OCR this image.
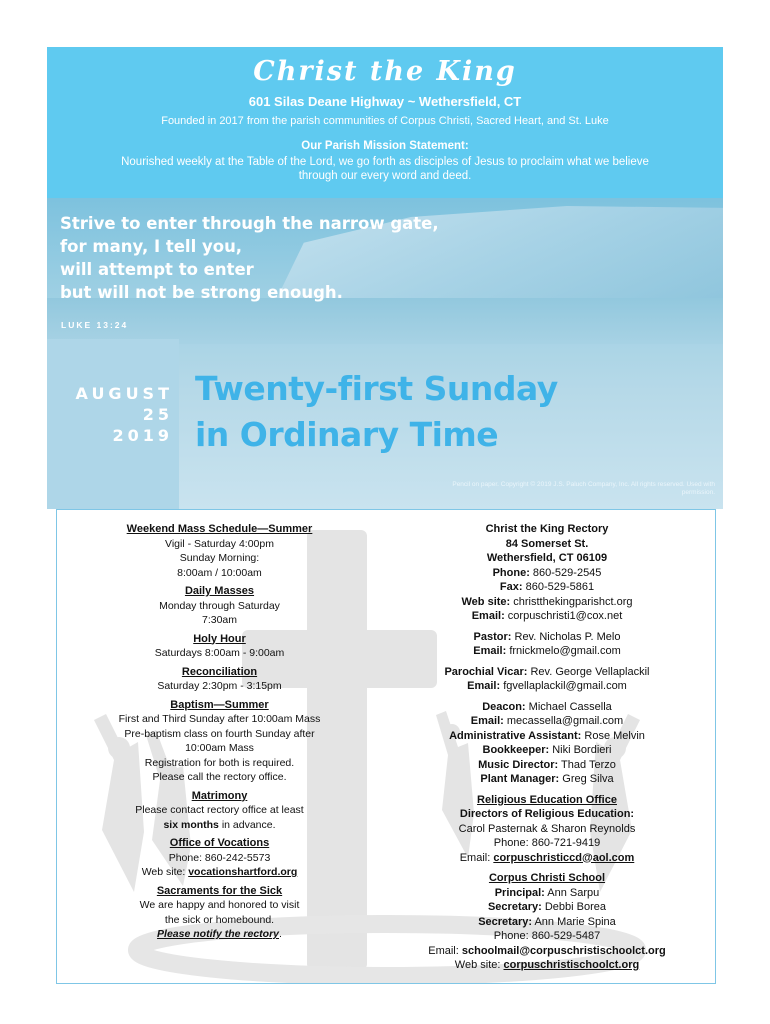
Christ the King
601 Silas Deane Highway ~ Wethersfield, CT
Founded in 2017 from the parish communities of Corpus Christi, Sacred Heart, and St. Luke
Our Parish Mission Statement:
Nourished weekly at the Table of the Lord, we go forth as disciples of Jesus to proclaim what we believe through our every word and deed.
Strive to enter through the narrow gate,
for many, I tell you,
will attempt to enter
but will not be strong enough.
LUKE 13:24
AUGUST
25
2019
Twenty-first Sunday
in Ordinary Time
Pencil on paper. Copyright © 2019 J.S. Paluch Company, Inc. All rights reserved. Used with permission.
Weekend Mass Schedule—Summer
Vigil - Saturday 4:00pm
Sunday Morning:
8:00am / 10:00am
Daily Masses
Monday through Saturday
7:30am
Holy Hour
Saturdays 8:00am - 9:00am
Reconciliation
Saturday 2:30pm - 3:15pm
Baptism—Summer
First and Third Sunday after 10:00am Mass
Pre-baptism class on fourth Sunday after
10:00am Mass
Registration for both is required.
Please call the rectory office.
Matrimony
Please contact rectory office at least
six months in advance.
Office of Vocations
Phone: 860-242-5573
Web site: vocationshartford.org
Sacraments for the Sick
We are happy and honored to visit
the sick or homebound.
Please notify the rectory.
Christ the King Rectory
84 Somerset St.
Wethersfield, CT 06109
Phone: 860-529-2545
Fax: 860-529-5861
Web site: christthekingparishct.org
Email: corpuschristi1@cox.net
Pastor: Rev. Nicholas P. Melo
Email: frnickmelo@gmail.com
Parochial Vicar: Rev. George Vellaplackil
Email: fgvellaplackil@gmail.com
Deacon: Michael Cassella
Email: mecassella@gmail.com
Administrative Assistant: Rose Melvin
Bookkeeper: Niki Bordieri
Music Director: Thad Terzo
Plant Manager: Greg Silva
Religious Education Office
Directors of Religious Education:
Carol Pasternak & Sharon Reynolds
Phone: 860-721-9419
Email: corpuschristiccd@aol.com
Corpus Christi School
Principal: Ann Sarpu
Secretary: Debbi Borea
Secretary: Ann Marie Spina
Phone: 860-529-5487
Email: schoolmail@corpuschristischoolct.org
Web site: corpuschristischoolct.org
